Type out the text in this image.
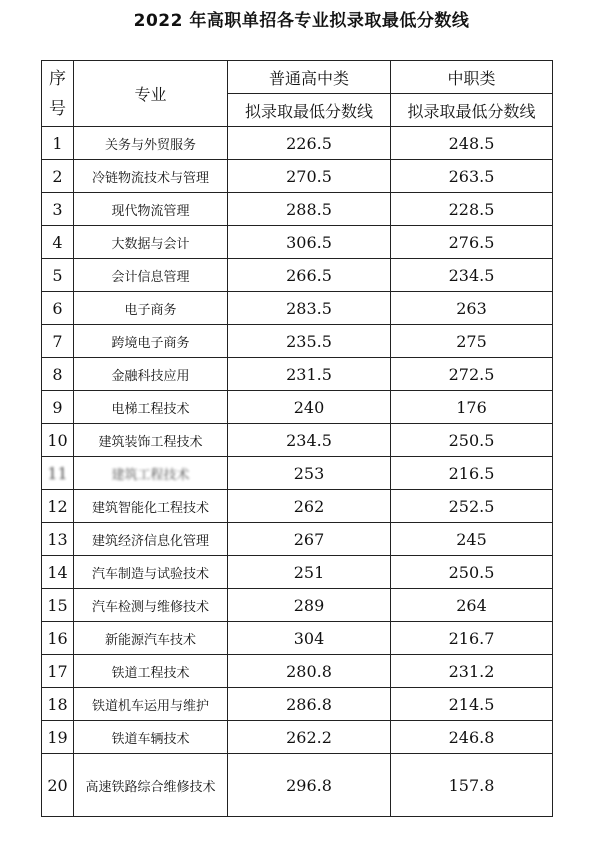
2022 年高职单招各专业拟录取最低分数线
序
号	专业	普通高中类	中职类
		拟录取最低分数线	拟录取最低分数线
1	关务与外贸服务	226.5	248.5
2	冷链物流技术与管理	270.5	263.5
3	现代物流管理	288.5	228.5
4	大数据与会计	306.5	276.5
5	会计信息管理	266.5	234.5
6	电子商务	283.5	263
7	跨境电子商务	235.5	275
8	金融科技应用	231.5	272.5
9	电梯工程技术	240	176
10	建筑装饰工程技术	234.5	250.5
11	建筑工程技术	253	216.5
12	建筑智能化工程技术	262	252.5
13	建筑经济信息化管理	267	245
14	汽车制造与试验技术	251	250.5
15	汽车检测与维修技术	289	264
16	新能源汽车技术	304	216.7
17	铁道工程技术	280.8	231.2
18	铁道机车运用与维护	286.8	214.5
19	铁道车辆技术	262.2	246.8
20	高速铁路综合维修技术	296.8	157.8
